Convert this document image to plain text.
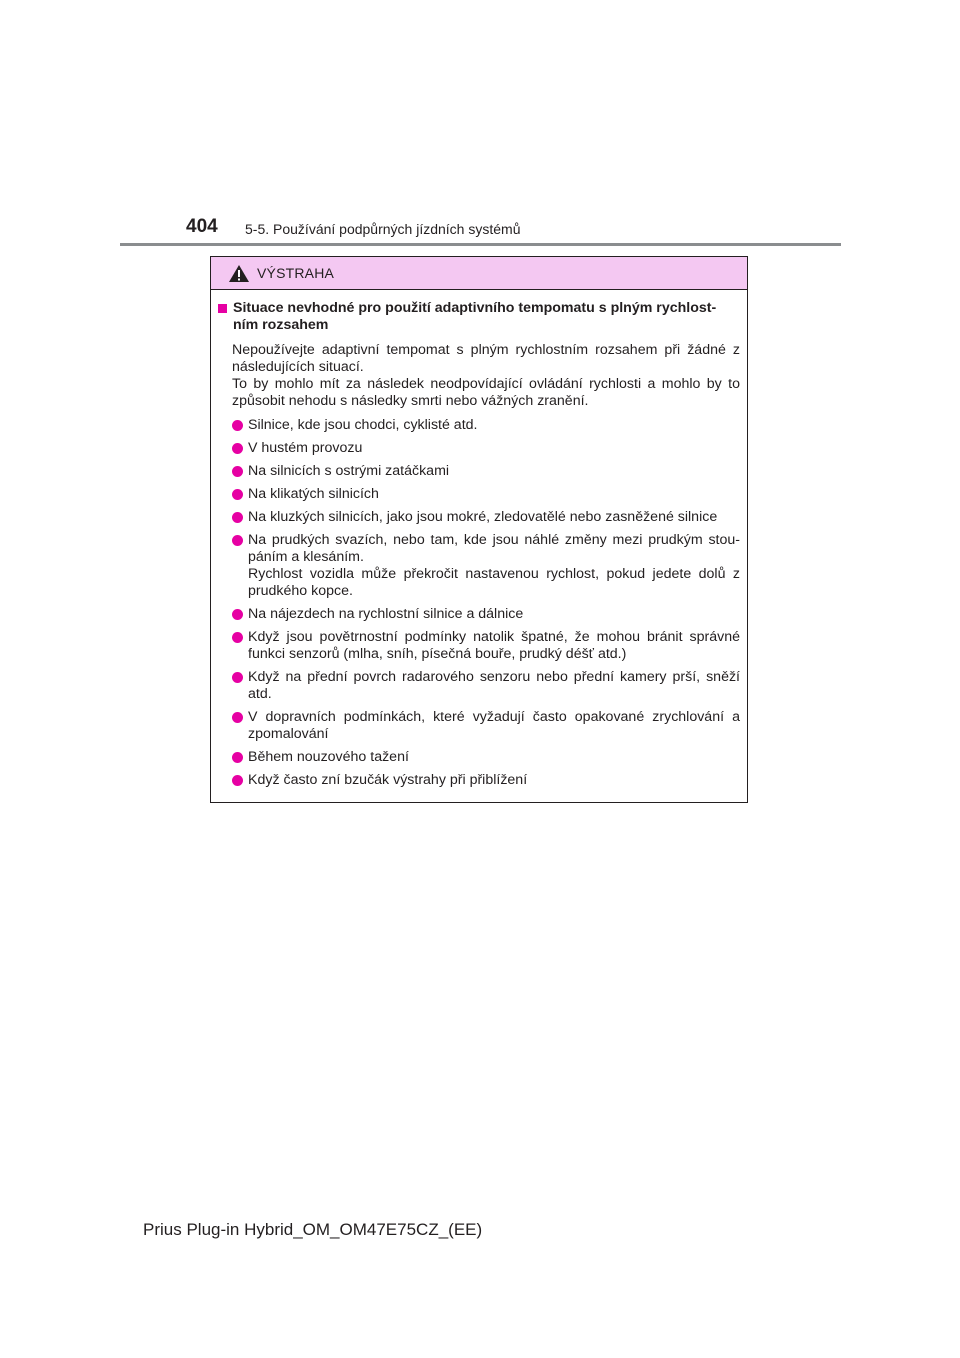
404 5-5. Používání podpůrných jízdních systémů
VÝSTRAHA
Situace nevhodné pro použití adaptivního tempomatu s plným rychlost-ním rozsahem
Nepoužívejte adaptivní tempomat s plným rychlostním rozsahem při žádné z následujících situací.
To by mohlo mít za následek neodpovídající ovládání rychlosti a mohlo by to způsobit nehodu s následky smrti nebo vážných zranění.
Silnice, kde jsou chodci, cyklisté atd.
V hustém provozu
Na silnicích s ostrými zatáčkami
Na klikatých silnicích
Na kluzkých silnicích, jako jsou mokré, zledovatělé nebo zasněžené silnice
Na prudkých svazích, nebo tam, kde jsou náhlé změny mezi prudkým stou-páním a klesáním.
Rychlost vozidla může překročit nastavenou rychlost, pokud jedete dolů z prudkého kopce.
Na nájezdech na rychlostní silnice a dálnice
Když jsou povětrnostní podmínky natolik špatné, že mohou bránit správné funkci senzorů (mlha, sníh, písečná bouře, prudký déšť atd.)
Když na přední povrch radarového senzoru nebo přední kamery prší, sněží atd.
V dopravních podmínkách, které vyžadují často opakované zrychlování a zpomalování
Během nouzového tažení
Když často zní bzučák výstrahy při přiblížení
Prius Plug-in Hybrid_OM_OM47E75CZ_(EE)
